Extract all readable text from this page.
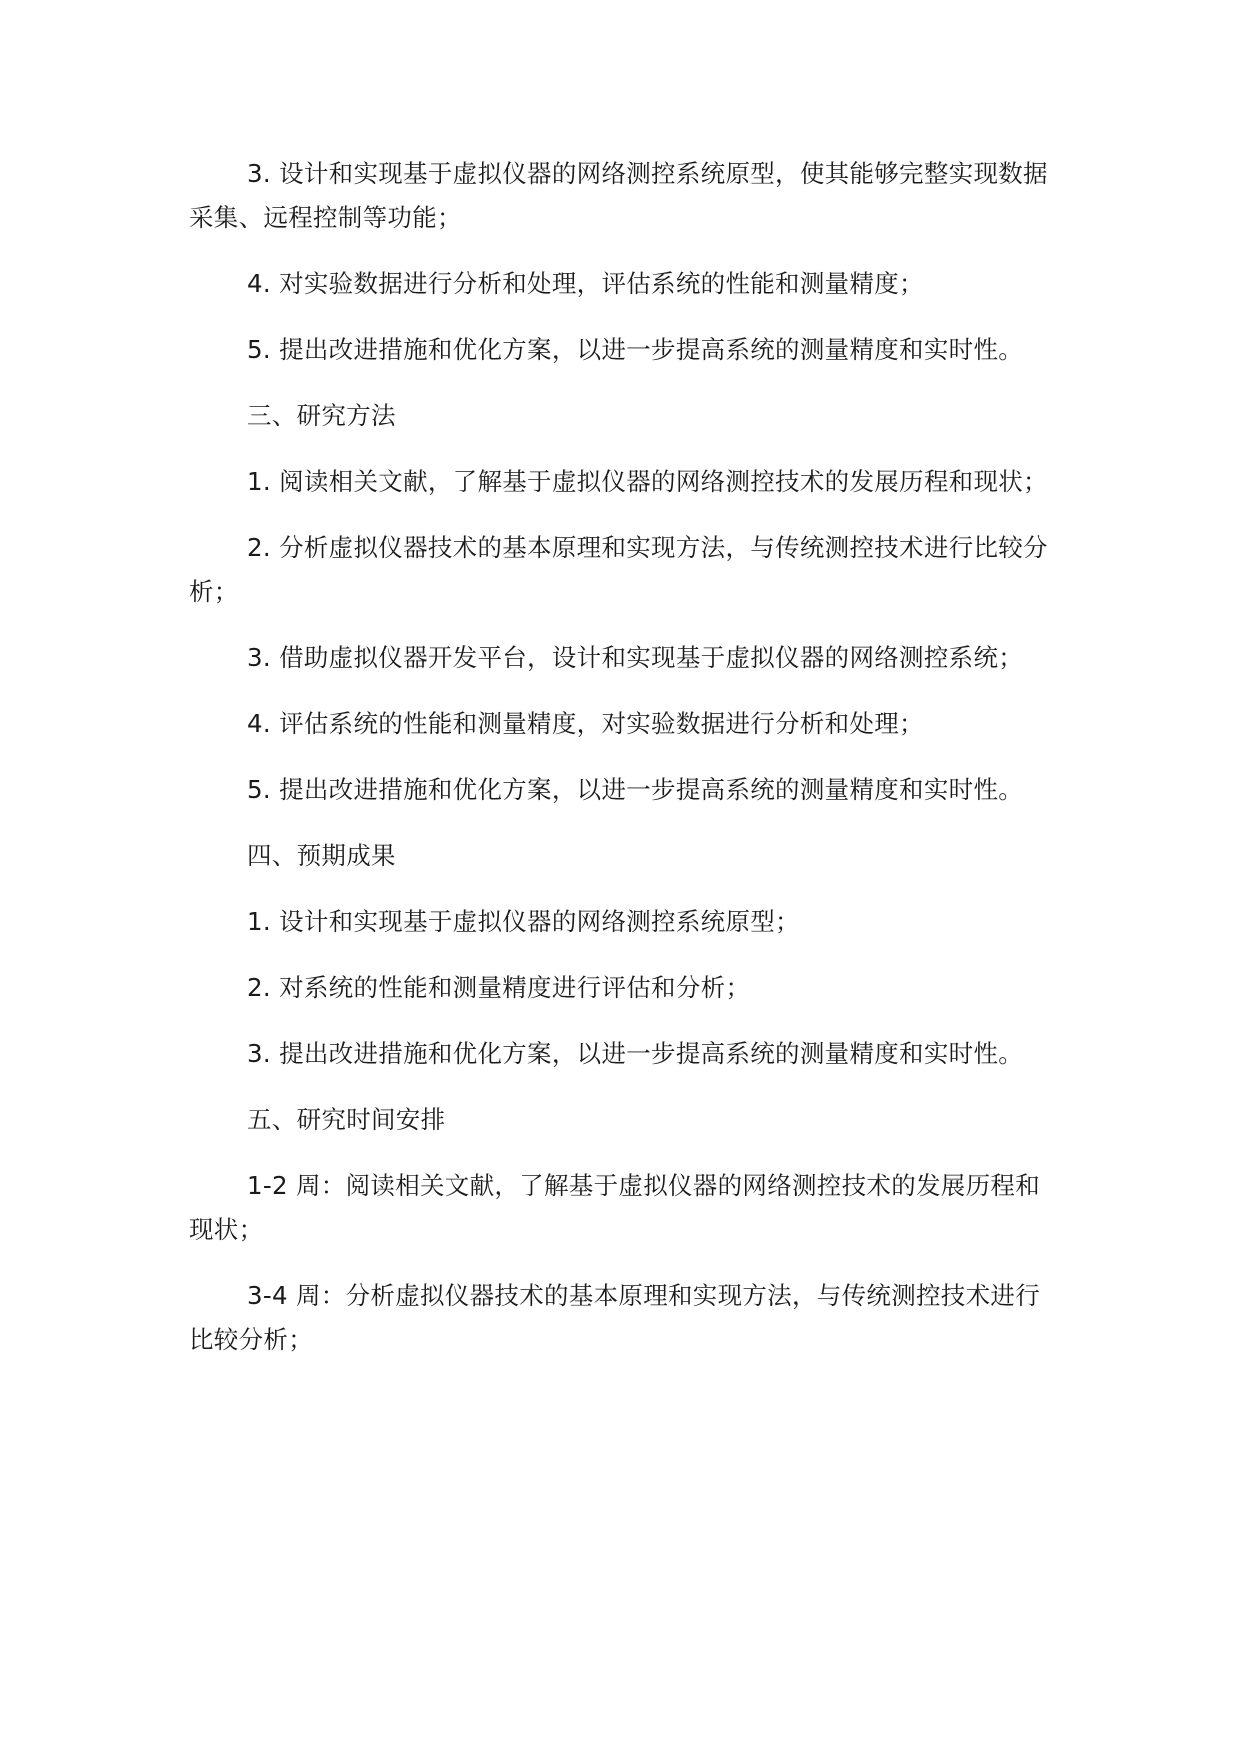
3. 设计和实现基于虚拟仪器的网络测控系统原型，使其能够完整实现数据采集、远程控制等功能；

4. 对实验数据进行分析和处理，评估系统的性能和测量精度；

5. 提出改进措施和优化方案，以进一步提高系统的测量精度和实时性。

三、研究方法

1. 阅读相关文献，了解基于虚拟仪器的网络测控技术的发展历程和现状；

2. 分析虚拟仪器技术的基本原理和实现方法，与传统测控技术进行比较分析；

3. 借助虚拟仪器开发平台，设计和实现基于虚拟仪器的网络测控系统；

4. 评估系统的性能和测量精度，对实验数据进行分析和处理；

5. 提出改进措施和优化方案，以进一步提高系统的测量精度和实时性。

四、预期成果

1. 设计和实现基于虚拟仪器的网络测控系统原型；

2. 对系统的性能和测量精度进行评估和分析；

3. 提出改进措施和优化方案，以进一步提高系统的测量精度和实时性。

五、研究时间安排

1-2 周：阅读相关文献，了解基于虚拟仪器的网络测控技术的发展历程和现状；

3-4 周：分析虚拟仪器技术的基本原理和实现方法，与传统测控技术进行比较分析；
